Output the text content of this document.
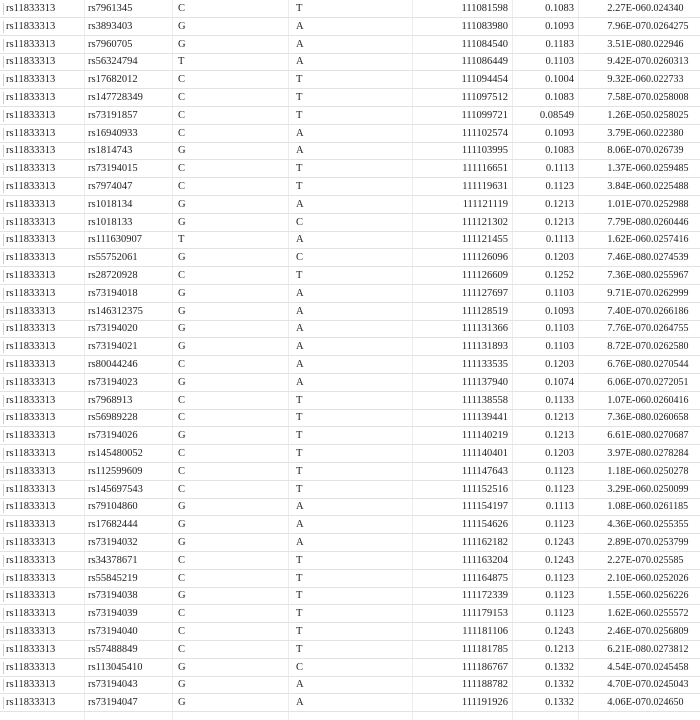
rs11833313	rs7961345	C	T	111081598	0.1083	2.27E-06 0.024340
rs11833313	rs3893403	G	A	111083980	0.1093	7.96E-07 0.0264275
rs11833313	rs7960705	G	A	111084540	0.1183	3.51E-08 0.022946
rs11833313	rs56324794	T	A	111086449	0.1103	9.42E-07 0.0260313
rs11833313	rs17682012	C	T	111094454	0.1004	9.32E-06 0.022733
rs11833313	rs147728349	C	T	111097512	0.1083	7.58E-07 0.0258008
rs11833313	rs73191857	C	T	111099721	0.08549	1.26E-05 0.0258025
rs11833313	rs16940933	C	A	111102574	0.1093	3.79E-06 0.022380
rs11833313	rs1814743	G	A	111103995	0.1083	8.06E-07 0.026739
rs11833313	rs73194015	C	T	111116651	0.1113	1.37E-06 0.0259485
rs11833313	rs7974047	C	T	111119631	0.1123	3.84E-06 0.0225488
rs11833313	rs1018134	G	A	111121119	0.1213	1.01E-07 0.0252988
rs11833313	rs1018133	G	C	111121302	0.1213	7.79E-08 0.0260446
rs11833313	rs111630907	T	A	111121455	0.1113	1.62E-06 0.0257416
rs11833313	rs55752061	G	C	111126096	0.1203	7.46E-08 0.0274539
rs11833313	rs28720928	C	T	111126609	0.1252	7.36E-08 0.0255967
rs11833313	rs73194018	G	A	111127697	0.1103	9.71E-07 0.0262999
rs11833313	rs146312375	G	A	111128519	0.1093	7.40E-07 0.0266186
rs11833313	rs73194020	G	A	111131366	0.1103	7.76E-07 0.0264755
rs11833313	rs73194021	G	A	111131893	0.1103	8.72E-07 0.0262580
rs11833313	rs80044246	C	A	111133535	0.1203	6.76E-08 0.0270544
rs11833313	rs73194023	G	A	111137940	0.1074	6.06E-07 0.0272051
rs11833313	rs7968913	C	T	111138558	0.1133	1.07E-06 0.0260416
rs11833313	rs56989228	C	T	111139441	0.1213	7.36E-08 0.0260658
rs11833313	rs73194026	G	T	111140219	0.1213	6.61E-08 0.0270687
rs11833313	rs145480052	C	T	111140401	0.1203	3.97E-08 0.0278284
rs11833313	rs112599609	C	T	111147643	0.1123	1.18E-06 0.0250278
rs11833313	rs145697543	C	T	111152516	0.1123	3.29E-06 0.0250099
rs11833313	rs79104860	G	A	111154197	0.1113	1.08E-06 0.0261185
rs11833313	rs17682444	G	A	111154626	0.1123	4.36E-06 0.0255355
rs11833313	rs73194032	G	A	111162182	0.1243	2.89E-07 0.0253799
rs11833313	rs34378671	C	T	111163204	0.1243	2.27E-07 0.025585
rs11833313	rs55845219	C	T	111164875	0.1123	2.10E-06 0.0252026
rs11833313	rs73194038	G	T	111172339	0.1123	1.55E-06 0.0256226
rs11833313	rs73194039	C	T	111179153	0.1123	1.62E-06 0.0255572
rs11833313	rs73194040	C	T	111181106	0.1243	2.46E-07 0.0256809
rs11833313	rs57488849	C	T	111181785	0.1213	6.21E-08 0.0273812
rs11833313	rs113045410	G	C	111186767	0.1332	4.54E-07 0.0245458
rs11833313	rs73194043	G	A	111188782	0.1332	4.70E-07 0.0245043
rs11833313	rs73194047	G	A	111191926	0.1332	4.06E-07 0.024650
